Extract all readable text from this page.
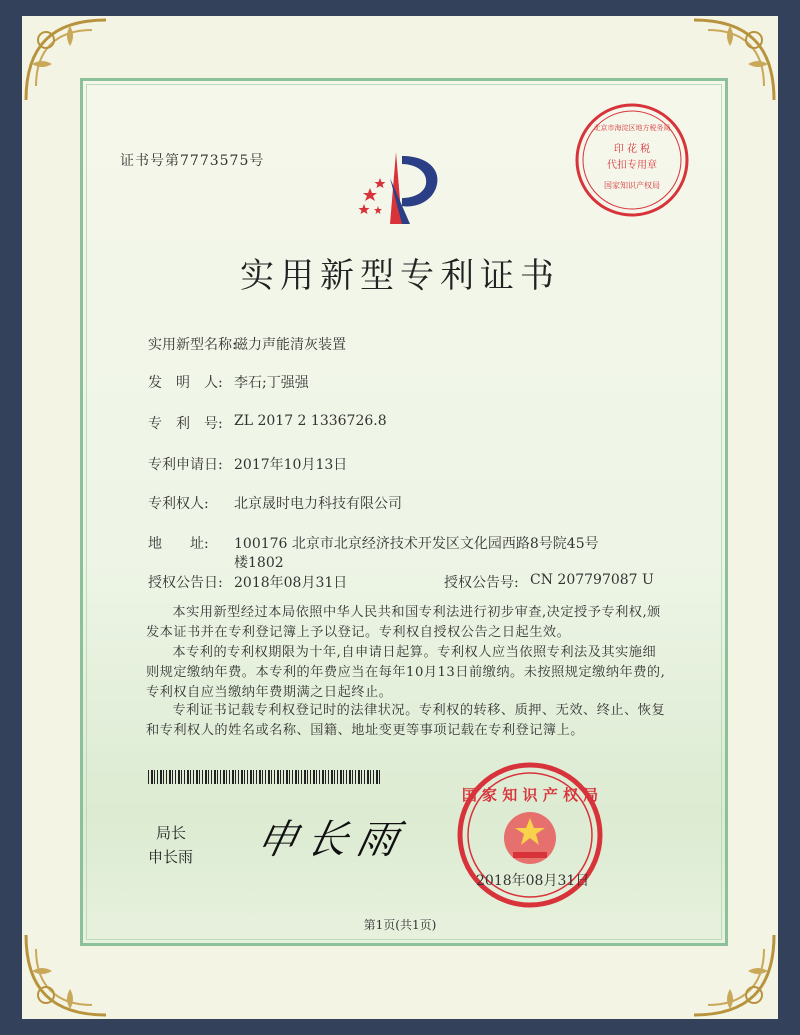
印 花 税
代扣专用章
国家知识产权局
北京市海淀区地方税务局
证书号第7773575号
实用新型专利证书
实用新型名称:
磁力声能清灰装置
发　明　人: 李石;丁强强
专　利　号: ZL 2017 2 1336726.8
专利申请日: 2017年10月13日
专利权人: 北京晟时电力科技有限公司
地　　址: 100176 北京市北京经济技术开发区文化园西路8号院45号
楼1802
授权公告日: 2018年08月31日	授权公告号: CN 207797087 U
本实用新型经过本局依照中华人民共和国专利法进行初步审查,决定授予专利权,颁发本证书并在专利登记簿上予以登记。专利权自授权公告之日起生效。
本专利的专利权期限为十年,自申请日起算。专利权人应当依照专利法及其实施细则规定缴纳年费。本专利的年费应当在每年10月13日前缴纳。未按照规定缴纳年费的,专利权自应当缴纳年费期满之日起终止。
专利证书记载专利权登记时的法律状况。专利权的转移、质押、无效、终止、恢复和专利权人的姓名或名称、国籍、地址变更等事项记载在专利登记簿上。
局长
申长雨 申长雨
国 家 知 识 产 权 局
2018年08月31日
第1页(共1页)
